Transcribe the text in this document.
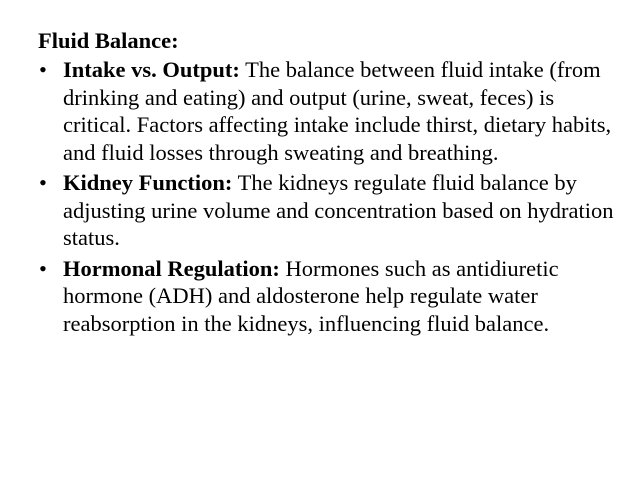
Fluid Balance:
• Intake vs. Output: The balance between fluid intake (from drinking and eating) and output (urine, sweat, feces) is critical. Factors affecting intake include thirst, dietary habits, and fluid losses through sweating and breathing.
• Kidney Function: The kidneys regulate fluid balance by adjusting urine volume and concentration based on hydration status.
• Hormonal Regulation: Hormones such as antidiuretic hormone (ADH) and aldosterone help regulate water reabsorption in the kidneys, influencing fluid balance.
